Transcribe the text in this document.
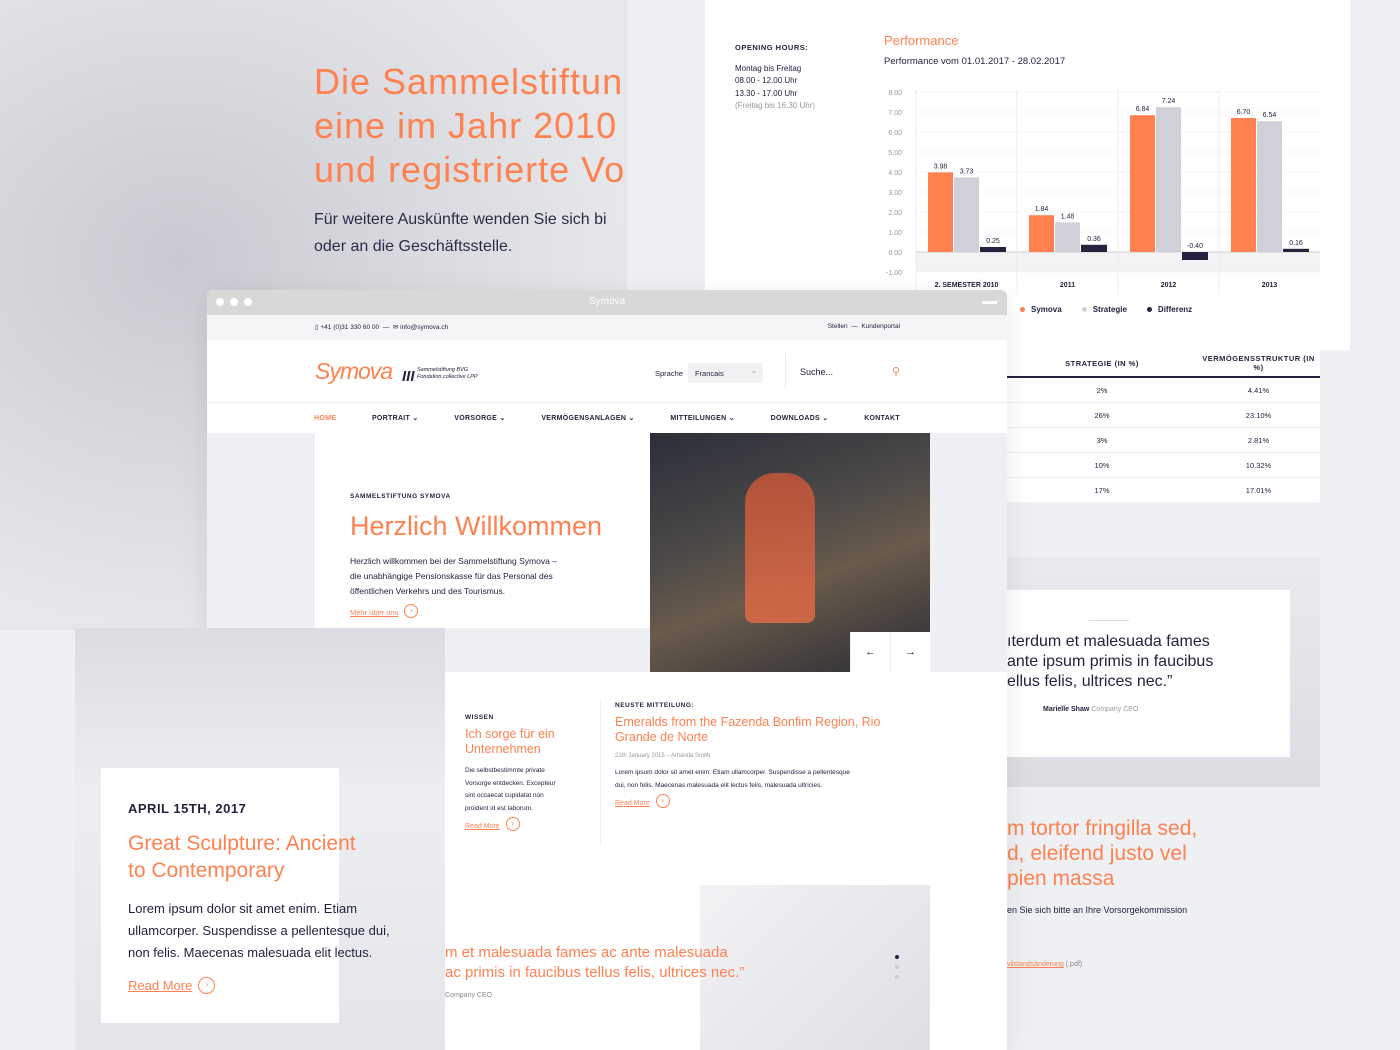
Die Sammelstiftun
eine im Jahr 2010
und registrierte Vo

Für weitere Auskünfte wenden Sie sich bi
oder an die Geschäftsstelle.

OPENING HOURS:
Montag bis Freitag
08.00 - 12.00 Uhr
13.30 - 17.00 Uhr
(Freitag bis 16.30 Uhr)
Performance
Performance vom 01.01.2017 - 28.02.2017
8.00
7.00
6.00
5.00
4.00
3.00
2.00
1.00
0.00
-1.00
3.98
3.73
0.25
2. SEMESTER 2010
1.84
1.48
0.36
2011
6.84
7.24
-0.40
2012
6.70 6.54
0.16
2013
Symova	Strategie	Differenz
STRATEGIE (IN %)	VERMÖGENSSTRUKTUR (IN %)
2%	4.41%
26%	23.10%
3%	2.81%
10%	10.32%
17%	17.01%

ıterdum et malesuada fames
ante ipsum primis in faucibus
ellus felis, ultrices nec.”

Marielle Shaw Company CEO
m tortor fringilla sed,
d, eleifend justo vel
pien massa

en Sie sich bitte an Ihre Vorsorgekommission

vilstandsänderung (.pdf)
Symova
▯ +41 (0)31 330 60 00  —  ✉ info@symova.ch	Stellen  —  Kundenportal
Symova III Sammelstiftung BVG
Fondation collective LPP	Sprache	Francais ⌄	Suche...	⚲
HOME	PORTRAIT ⌄	VORSORGE ⌄	VERMÖGENSANLAGEN ⌄	MITTEILUNGEN ⌄	DOWNLOADS ⌄	KONTAKT
SAMMELSTIFTUNG SYMOVA
Herzlich Willkommen

Herzlich willkommen bei der Sammelstiftung Symova –
die unabhängige Pensionskasse für das Personal des
öffentlichen Verkehrs und des Tourismus.

Mehr über uns ›
←	→
WISSEN
Ich sorge für ein
Unternehmen

Die selbstbestimmte private
Vorsorge entdecken. Excepteur
sint occaecat cupidatat non
proident id est laborum.

Read More ›
NEUSTE MITTEILUNG:
Emeralds from the Fazenda Bonfim Region, Rio
Grande de Norte
21th January 2015 – Amanda Smith

Lorem ipsum dolor sit amet enim. Etiam ullamcorper. Suspendisse a pellentesque
dui, non felis. Maecenas malesuada elit lectus felis, malesuada ultricies.

Read More ›

m et malesuada fames ac ante malesuada
ac primis in faucibus tellus felis, ultrices nec.”

Company CEO
APRIL 15TH, 2017
Great Sculpture: Ancient
to Contemporary

Lorem ipsum dolor sit amet enim. Etiam
ullamcorper. Suspendisse a pellentesque dui,
non felis. Maecenas malesuada elit lectus.

Read More ›
